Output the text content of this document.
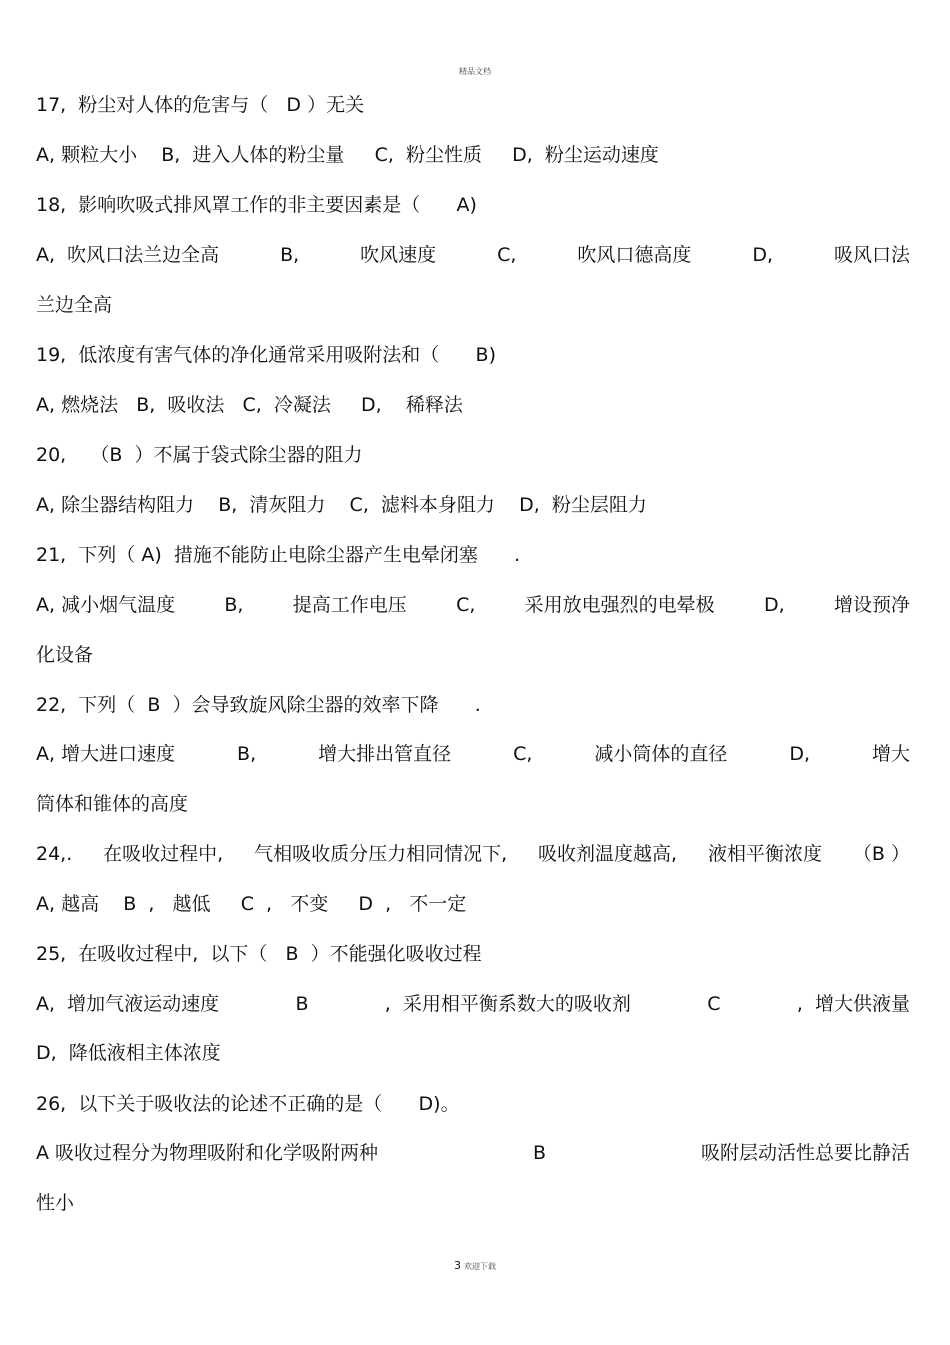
精品文档
17,  粉尘对人体的危害与（   D ）无关
A, 颗粒大小    B,  进入人体的粉尘量     C,  粉尘性质     D,  粉尘运动速度
18,  影响吹吸式排风罩工作的非主要因素是（      A)
A,  吹风口法兰边全高	B,	吹风速度	C,	吹风口德高度	D,	吸风口法
兰边全高
19,  低浓度有害气体的净化通常采用吸附法和（      B)
A, 燃烧法   B,  吸收法   C,  冷凝法     D,    稀释法
20,    （B  ）不属于袋式除尘器的阻力
A, 除尘器结构阻力    B,  清灰阻力    C,  滤料本身阻力    D,  粉尘层阻力
21,  下列（ A)  措施不能防止电除尘器产生电晕闭塞      .
A, 减小烟气温度	B,	提高工作电压	C,	采用放电强烈的电晕极	D,	增设预净
化设备
22,  下列（  B  ）会导致旋风除尘器的效率下降      .
A, 增大进口速度	B,	增大排出管直径	C,	减小筒体的直径	D,	增大
筒体和锥体的高度
24,. 在吸收过程中, 气相吸收质分压力相同情况下, 吸收剂温度越高, 液相平衡浓度 （B ）
A, 越高    B  ,   越低     C  ,   不变     D  ,   不一定
25,  在吸收过程中,  以下（   B  ）不能强化吸收过程
A,  增加气液运动速度	B	,  采用相平衡系数大的吸收剂	C	,  增大供液量
D,  降低液相主体浓度
26,  以下关于吸收法的论述不正确的是（      D)。
A 吸收过程分为物理吸附和化学吸附两种	B	吸附层动活性总要比静活
性小
3 欢迎下载
